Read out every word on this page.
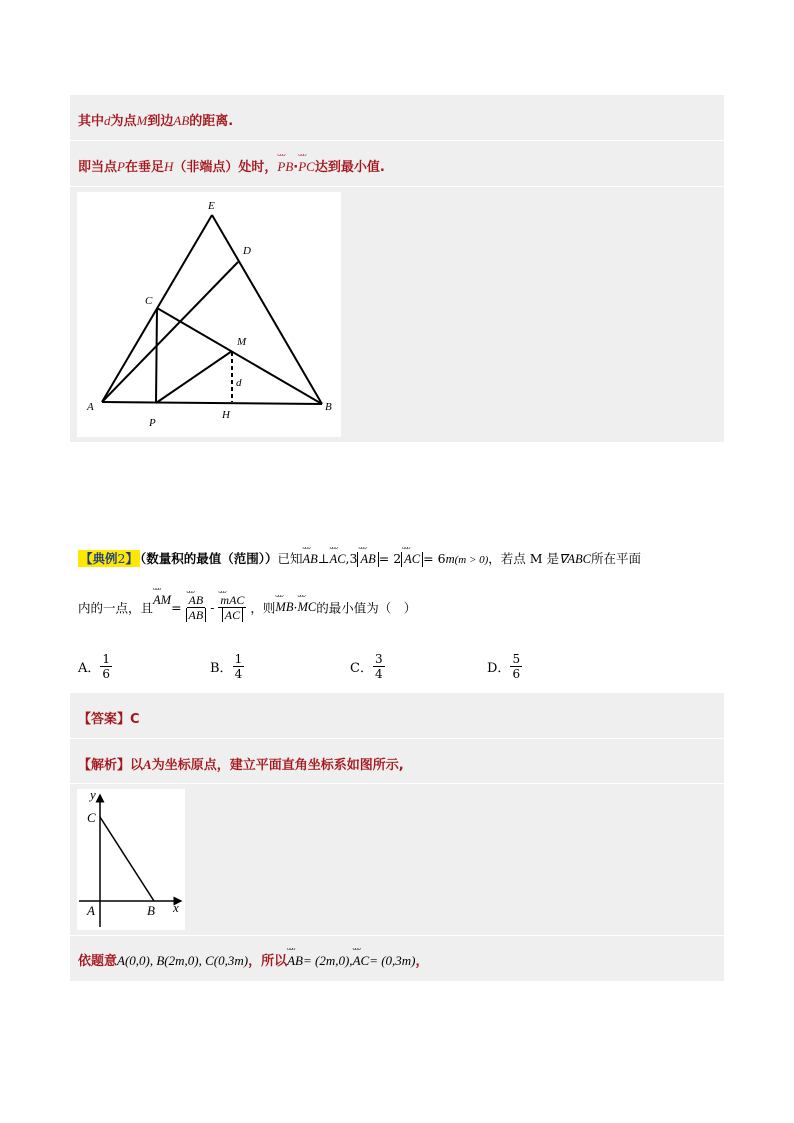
其中d为点M到边AB的距离.
即当点P在垂足H（非端点）处时，ᴗᴗᴗ PB·ᴗᴗᴗ PC达到最小值.
E
D
C
M
d
A	B
P
H
【典例2】 （数量积的最值（范围））已知ᴗᴗᴗ AB⊥ᴗᴗᴗ AC,3 ᴗᴗᴗ AB = 2 ᴗᴗᴗ AC = 6m(m > 0)，若点 M 是∇ABC所在平面
内的一点，且ᴗᴗᴗ AM= ᴗᴗᴗ $\frac{AB}{AB}$ - ᴗᴗᴗ $\frac{\text{mAC}}{AC}$ ，则ᴗᴗᴗ MB·ᴗᴗᴗ MC的最小值为（　）
A． $\frac{1}{6}$	B． $\frac{1}{4}$	C． $\frac{3}{4}$	D． $\frac{5}{6}$
【答案】C
【解析】以A为坐标原点，建立平面直角坐标系如图所示,
y
x
C
A	B
依题意A(0,0), B(2m,0), C(0,3m)，所以ᴗᴗᴗ AB= (2m,0),ᴗᴗᴗ AC= (0,3m)，
